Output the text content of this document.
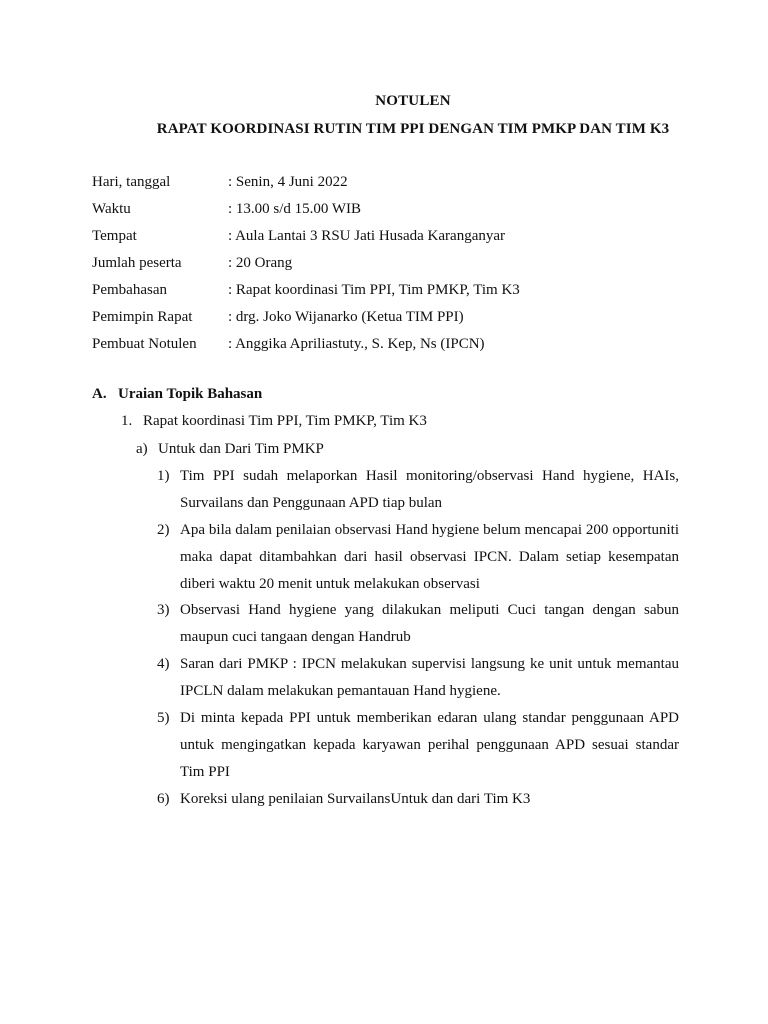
NOTULEN
RAPAT KOORDINASI RUTIN TIM PPI DENGAN TIM PMKP DAN TIM K3
Hari, tanggal	: Senin, 4 Juni 2022
Waktu	: 13.00 s/d 15.00 WIB
Tempat	: Aula Lantai 3 RSU Jati Husada Karanganyar
Jumlah peserta	: 20 Orang
Pembahasan	: Rapat koordinasi Tim PPI, Tim PMKP, Tim K3
Pemimpin Rapat : drg. Joko Wijanarko (Ketua TIM PPI)
Pembuat Notulen : Anggika Apriliastuty., S. Kep, Ns (IPCN)
A. Uraian Topik Bahasan
1. Rapat koordinasi Tim PPI, Tim PMKP, Tim K3
a) Untuk dan Dari Tim PMKP
1) Tim PPI sudah melaporkan Hasil monitoring/observasi Hand hygiene, HAIs, Survailans dan Penggunaan APD tiap bulan
2) Apa bila dalam penilaian observasi Hand hygiene belum mencapai 200 opportuniti maka dapat ditambahkan dari hasil observasi IPCN. Dalam setiap kesempatan diberi waktu 20 menit untuk melakukan observasi
3) Observasi Hand hygiene yang dilakukan meliputi Cuci tangan dengan sabun maupun cuci tangaan dengan Handrub
4) Saran dari PMKP : IPCN melakukan supervisi langsung ke unit untuk memantau IPCLN dalam melakukan pemantauan Hand hygiene.
5) Di minta kepada PPI untuk memberikan edaran ulang standar penggunaan APD untuk mengingatkan kepada karyawan perihal penggunaan APD sesuai standar Tim PPI
6) Koreksi ulang penilaian SurvailansUntuk dan dari Tim K3
